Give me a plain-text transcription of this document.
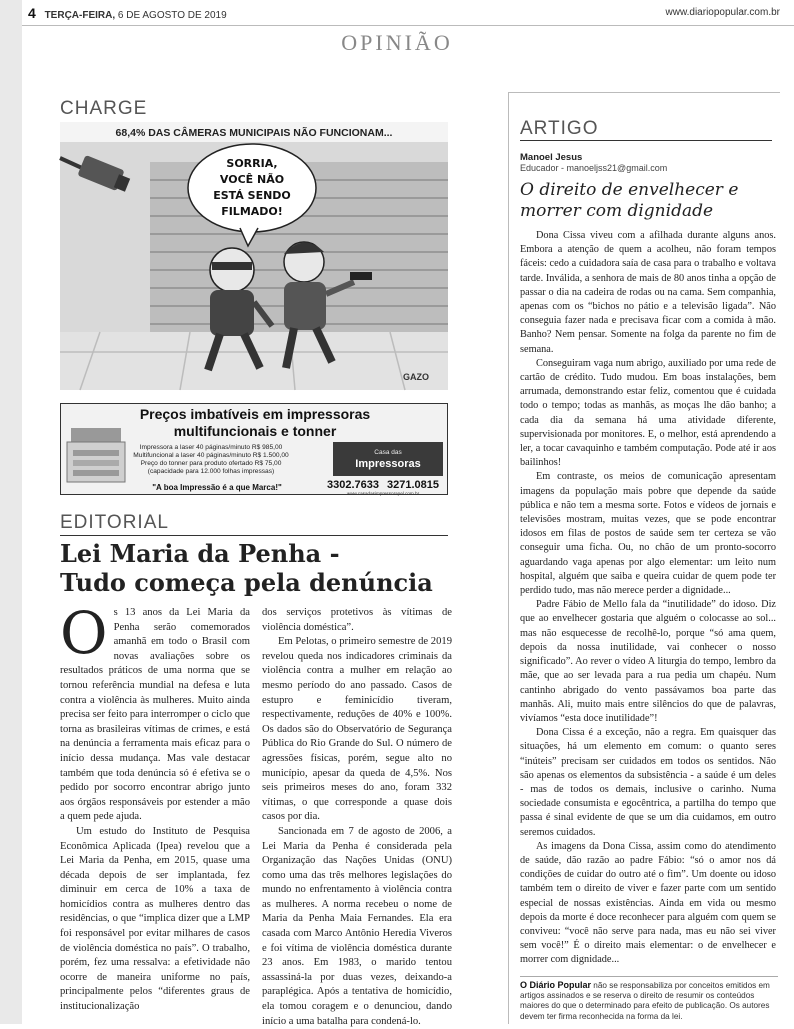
4 TERÇA-FEIRA, 6 DE AGOSTO DE 2019	www.diariopopular.com.br
OPINIÃO
CHARGE
68,4% DAS CÂMERAS MUNICIPAIS NÃO FUNCIONAM...
SORRIA,
VOCÊ NÃO
ESTÁ SENDO
FILMADO!
GAZO
Preços imbatíveis em impressoras
multifuncionais e tonner
Impressora a laser 40 páginas/minuto R$ 985,00
Multifuncional a laser 40 páginas/minuto R$ 1.500,00
Preço do tonner para produto ofertado R$ 75,00
(capacidade para 12.000 folhas impressas)
"A boa Impressão é a que Marca!"
Casa das
Impressoras
3302.7633 3271.0815
www.casadasimpressorapel.com.br
EDITORIAL
Lei Maria da Penha -
Tudo começa pela denúncia
O s 13 anos da Lei Maria da Penha serão comemorados amanhã em todo o Brasil com novas avaliações sobre os resultados práticos de uma norma que se tornou referência mundial na defesa e luta contra a violência às mulheres. Muito ainda precisa ser feito para interromper o ciclo que torna as brasileiras vítimas de crimes, e está na denúncia a ferramenta mais eficaz para o início dessa mudança. Mas vale destacar também que toda denúncia só é efetiva se o pedido por socorro encontrar abrigo junto aos órgãos responsáveis por estender a mão a quem pede ajuda.

Um estudo do Instituto de Pesquisa Econômica Aplicada (Ipea) revelou que a Lei Maria da Penha, em 2015, quase uma década depois de ser implantada, fez diminuir em cerca de 10% a taxa de homicídios contra as mulheres dentro das residências, o que “implica dizer que a LMP foi responsável por evitar milhares de casos de violência doméstica no país”. O trabalho, porém, fez uma ressalva: a efetividade não ocorre de maneira uniforme no país, principalmente pelos “diferentes graus de institucionalização

dos serviços protetivos às vítimas de violência doméstica”.

Em Pelotas, o primeiro semestre de 2019 revelou queda nos indicadores criminais da violência contra a mulher em relação ao mesmo período do ano passado. Casos de estupro e feminicídio tiveram, respectivamente, reduções de 40% e 100%. Os dados são do Observatório de Segurança Pública do Rio Grande do Sul. O número de agressões físicas, porém, segue alto no município, apesar da queda de 4,5%. Nos seis primeiros meses do ano, foram 332 vítimas, o que corresponde a quase dois casos por dia.

Sancionada em 7 de agosto de 2006, a Lei Maria da Penha é considerada pela Organização das Nações Unidas (ONU) como uma das três melhores legislações do mundo no enfrentamento à violência contra as mulheres. A norma recebeu o nome de Maria da Penha Maia Fernandes. Ela era casada com Marco Antônio Heredia Viveros e foi vítima de violência doméstica durante 23 anos. Em 1983, o marido tentou assassiná-la por duas vezes, deixando-a paraplégica. Após a tentativa de homicídio, ela tomou coragem e o denunciou, dando início a uma batalha para condená-lo.

ARTIGO
Manoel Jesus
Educador - manoeljss21@gmail.com
O direito de envelhecer e morrer com dignidade

Dona Cissa viveu com a afilhada durante alguns anos. Embora a atenção de quem a acolheu, não foram tempos fáceis: cedo a cuidadora saía de casa para o trabalho e voltava tarde. Inválida, a senhora de mais de 80 anos tinha a opção de passar o dia na cadeira de rodas ou na cama. Sem companhia, apenas com os “bichos no pátio e a televisão ligada”. Não conseguia fazer nada e precisava ficar com a comida à mão. Banho? Nem pensar. Somente na folga da parente no fim de semana.

Conseguiram vaga num abrigo, auxiliado por uma rede de cartão de crédito. Tudo mudou. Em boas instalações, bem arrumada, demonstrando estar feliz, comentou que é cuidada todo o tempo; todas as manhãs, as moças lhe dão banho; a cada dia da semana há uma atividade diferente, supervisionada por monitores. E, o melhor, está aprendendo a ler, a tocar cavaquinho e também computação. Pode até ir aos bailinhos!

Em contraste, os meios de comunicação apresentam imagens da população mais pobre que depende da saúde pública e não tem a mesma sorte. Fotos e vídeos de jornais e televisões mostram, muitas vezes, que se pode encontrar idosos em filas de postos de saúde sem ter certeza se vão conseguir uma ficha. Ou, no chão de um pronto-socorro aguardando vaga apenas por algo elementar: um leito num hospital, alguém que saiba e queira cuidar de quem pode ter perdido tudo, mas não merece perder a dignidade...

Padre Fábio de Mello fala da “inutilidade” do idoso. Diz que ao envelhecer gostaria que alguém o colocasse ao sol... mas não esquecesse de recolhê-lo, porque “só ama quem, depois da nossa inutilidade, vai conhecer o nosso significado”. Ao rever o vídeo A liturgia do tempo, lembro da mãe, que ao ser levada para a rua pedia um chapéu. Num cantinho abrigado do vento passávamos boa parte das manhãs. Ali, muito mais entre silêncios do que de palavras, vivíamos “esta doce inutilidade”!

Dona Cissa é a exceção, não a regra. Em quaisquer das situações, há um elemento em comum: o quanto seres “inúteis” precisam ser cuidados em todos os sentidos. Não são apenas os elementos da subsistência - a saúde é um deles - mas de todos os demais, inclusive o carinho. Numa sociedade consumista e egocêntrica, a partilha do tempo que passa é sinal evidente de que se um dia cuidamos, em outro seremos cuidados.

As imagens da Dona Cissa, assim como do atendimento de saúde, dão razão ao padre Fábio: “só o amor nos dá condições de cuidar do outro até o fim”. Um doente ou idoso também tem o direito de viver e fazer parte com um sentido especial de nossas existências. Ainda em vida ou mesmo depois da morte é doce reconhecer para alguém com quem se conviveu: “você não serve para nada, mas eu não sei viver sem você!” É o direito mais elementar: o de envelhecer e morrer com dignidade...

O Diário Popular não se responsabiliza por conceitos emitidos em artigos assinados e se reserva o direito de resumir os conteúdos maiores do que o determinado para efeito de publicação. Os autores devem ter firma reconhecida na forma da lei.
